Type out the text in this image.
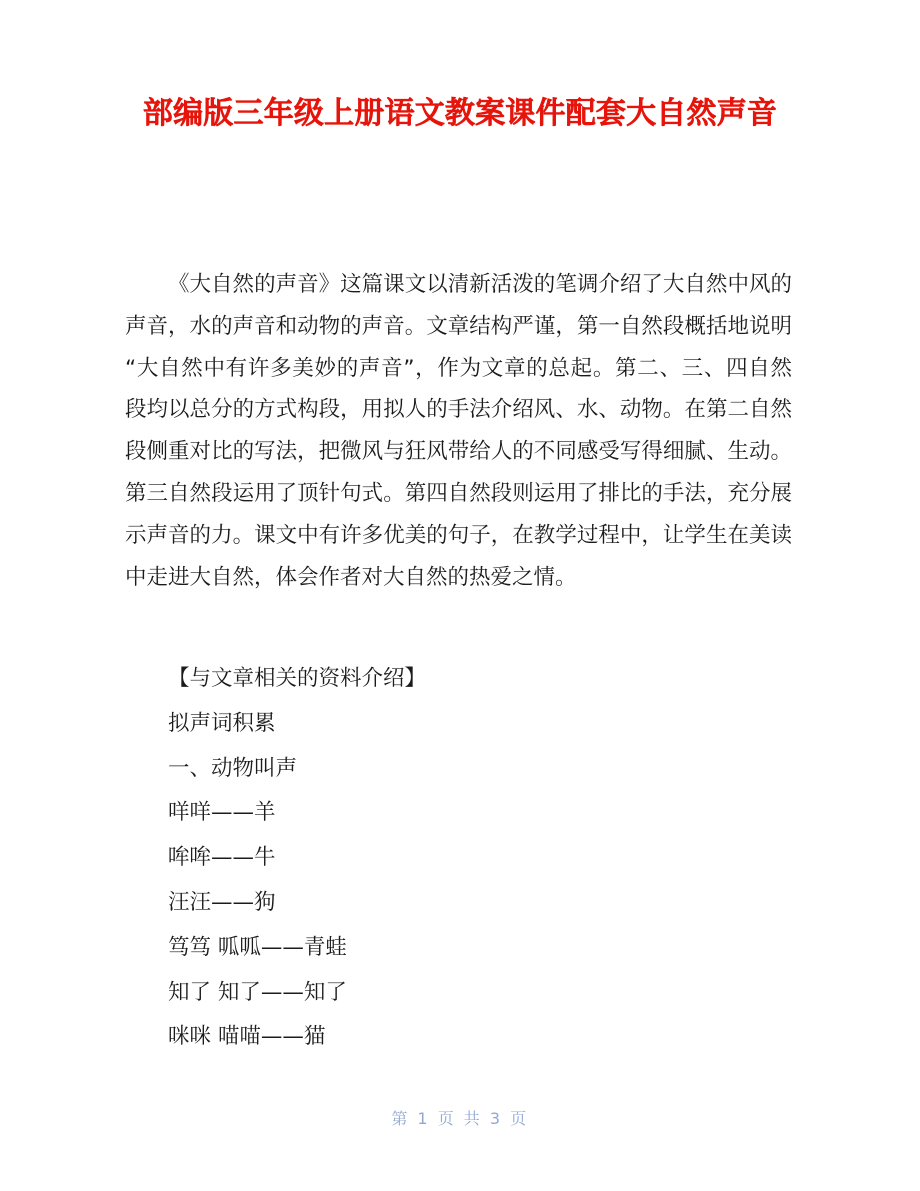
部编版三年级上册语文教案课件配套大自然声音

《大自然的声音》这篇课文以清新活泼的笔调介绍了大自然中风的声音，水的声音和动物的声音。文章结构严谨，第一自然段概括地说明“大自然中有许多美妙的声音”，作为文章的总起。第二、三、四自然段均以总分的方式构段，用拟人的手法介绍风、水、动物。在第二自然段侧重对比的写法，把微风与狂风带给人的不同感受写得细腻、生动。第三自然段运用了顶针句式。第四自然段则运用了排比的手法，充分展示声音的力。课文中有许多优美的句子，在教学过程中，让学生在美读中走进大自然，体会作者对大自然的热爱之情。

【与文章相关的资料介绍】

拟声词积累

一、动物叫声

咩咩——羊

哞哞——牛

汪汪——狗

笃笃 呱呱——青蛙

知了 知了——知了

咪咪 喵喵——猫

第 1 页 共 3 页
